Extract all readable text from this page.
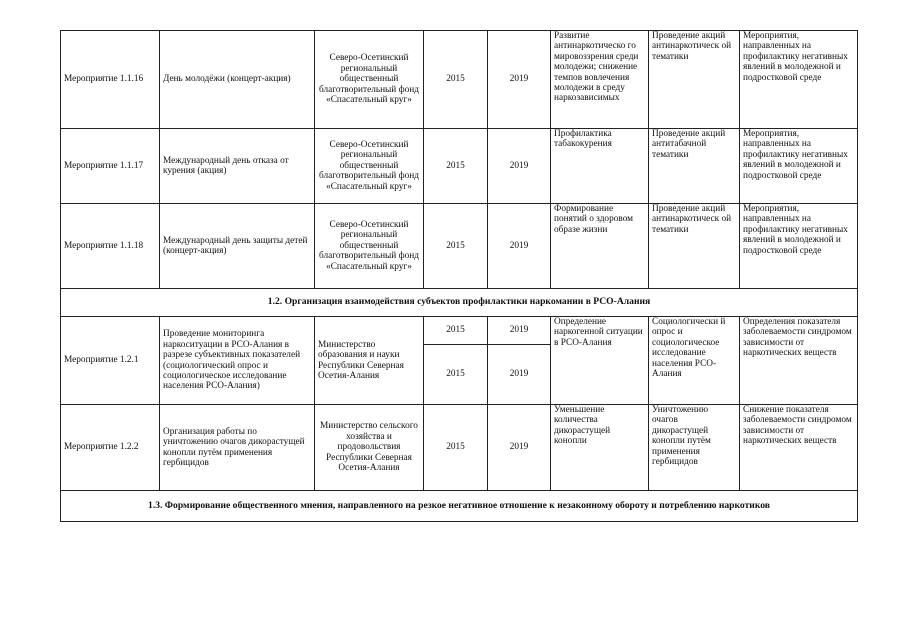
Мероприятие 1.1.16	День молодёжи (концерт-акция)	Северо-Осетинский региональный общественный благотворительный фонд «Спасательный круг»	2015	2019	Развитие антинаркотическо го мировоззрения среди молодежи; снижение темпов вовлечения молодежи в среду наркозависимых	Проведение акций антинаркотическ ой тематики	Мероприятия, направленных на профилактику негативных явлений в молодежной и подростковой среде
Мероприятие 1.1.17	Международный день отказа от курения (акция)	Северо-Осетинский региональный общественный благотворительный фонд «Спасательный круг»	2015	2019	Профилактика табакокурения	Проведение акций антитабачной тематики	Мероприятия, направленных на профилактику негативных явлений в молодежной и подростковой среде
Мероприятие 1.1.18	Международный день защиты детей (концерт-акция)	Северо-Осетинский региональный общественный благотворительный фонд «Спасательный круг»	2015	2019	Формирование понятий о здоровом образе жизни	Проведение акций антинаркотическ ой тематики	Мероприятия, направленных на профилактику негативных явлений в молодежной и подростковой среде
1.2. Организация взаимодействия субъектов профилактики наркомании в РСО-Алания							
Мероприятие 1.2.1	Проведение мониторинга наркоситуации в РСО-Алания в разрезе субъективных показателей (социологический опрос и социологическое исследование населения РСО-Алания)	Министерство образования и науки Республики Северная Осетия-Алания	2015	2019	Определение наркогенной ситуации в РСО-Алания	Социологически й опрос и социологическое исследование населения РСО-Алания	Определения показателя заболеваемости синдромом зависимости от наркотических веществ
			2015	2019			
Мероприятие 1.2.2	Организация работы по уничтожению очагов дикорастущей конопли путём применения гербицидов	Министерство сельского хозяйства и продовольствия Республики Северная Осетия-Алания	2015	2019	Уменьшение количества дикорастущей конопли	Уничтожению очагов дикорастущей конопли путём применения гербицидов	Снижение показателя заболеваемости синдромом зависимости от наркотических веществ
1.3. Формирование общественного мнения, направленного на резкое негативное отношение к незаконному обороту и потреблению наркотиков							
